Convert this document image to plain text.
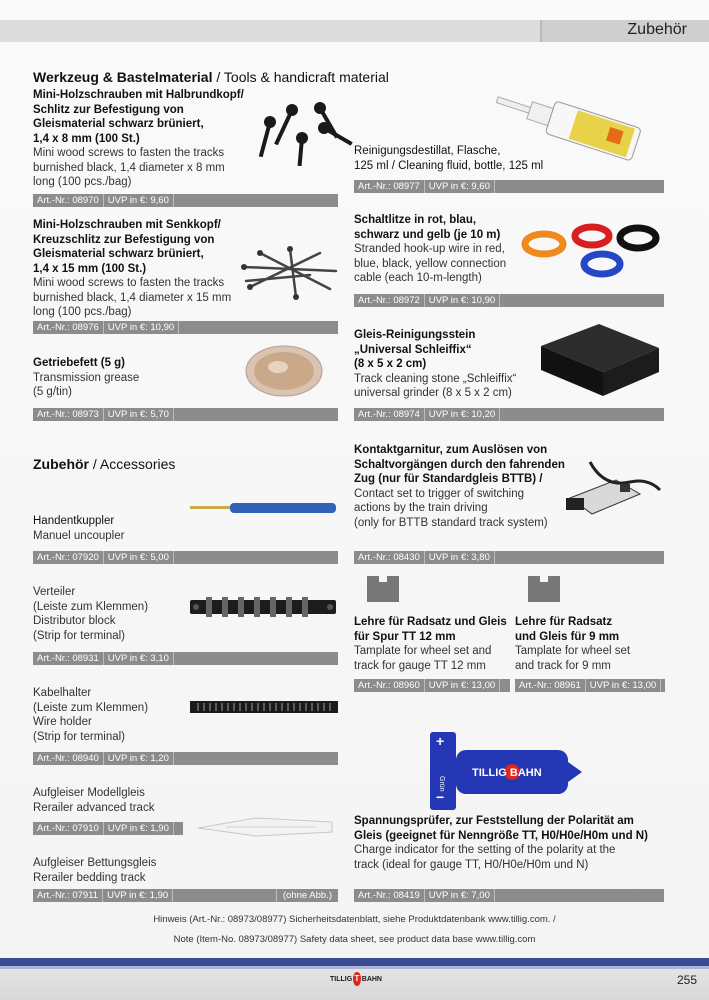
Zubehör
Werkzeug & Bastelmaterial / Tools & handicraft material
Mini-Holzschrauben mit Halbrundkopf/
Schlitz zur Befestigung von
Gleismaterial schwarz brüniert,
1,4 x 8 mm (100 St.)
Mini wood screws to fasten the tracks
burnished black, 1,4 diameter x 8 mm
long (100 pcs./bag)
Art.-Nr.: 08970 UVP in €: 9,60
Mini-Holzschrauben mit Senkkopf/
Kreuzschlitz zur Befestigung von
Gleismaterial schwarz brüniert,
1,4 x 15 mm (100 St.)
Mini wood screws to fasten the tracks
burnished black, 1,4 diameter x 15 mm
long (100 pcs./bag)
Art.-Nr.: 08976 UVP in €: 10,90
Getriebefett (5 g)
Transmission grease
(5 g/tin)
Art.-Nr.: 08973 UVP in €: 5,70
Reinigungsdestillat, Flasche,
125 ml / Cleaning fluid, bottle, 125 ml
Art.-Nr.: 08977 UVP in €: 9,60
Schaltlitze in rot, blau,
schwarz und gelb (je 10 m)
Stranded hook-up wire in red,
blue, black, yellow connection
cable (each 10-m-length)
Art.-Nr.: 08972 UVP in €: 10,90
Gleis-Reinigungsstein
„Universal Schleiffix“
(8 x 5 x 2 cm)
Track cleaning stone „Schleiffix“
universal grinder (8 x 5 x 2 cm)
Art.-Nr.: 08974 UVP in €: 10,20
Zubehör / Accessories
Kontaktgarnitur, zum Auslösen von
Schaltvorgängen durch den fahrenden
Zug (nur für Standardgleis BTTB) /
Contact set to trigger of switching
actions by the train driving
(only for BTTB standard track system)
Art.-Nr.: 08430 UVP in €: 3,80
Handentkuppler
Manuel uncoupler
Art.-Nr.: 07920 UVP in €: 5,00
Verteiler
(Leiste zum Klemmen)
Distributor block
(Strip for terminal)
Art.-Nr.: 08931 UVP in €: 3,10
Lehre für Radsatz und Gleis
für Spur TT 12 mm
Tamplate for wheel set and
track for gauge TT 12 mm
Lehre für Radsatz
und Gleis für 9 mm
Tamplate for wheel set
and track for 9 mm
Art.-Nr.: 08960 UVP in €: 13,00	Art.-Nr.: 08961 UVP in €: 13,00
Kabelhalter
(Leiste zum Klemmen)
Wire holder
(Strip for terminal)
Art.-Nr.: 08940 UVP in €: 1,20
+
−
Grün
TILLIG BAHN
Spannungsprüfer, zur Feststellung der Polarität am
Gleis (geeignet für Nenngröße TT, H0/H0e/H0m und N)
Charge indicator for the setting of the polarity at the
track (ideal for gauge TT, H0/H0e/H0m und N)
Art.-Nr.: 08419 UVP in €: 7,00
Aufgleiser Modellgleis
Rerailer advanced track
Art.-Nr.: 07910 UVP in €: 1,90
Aufgleiser Bettungsgleis
Rerailer bedding track
Art.-Nr.: 07911 UVP in €: 1,90	(ohne Abb.)
Hinweis (Art.-Nr.: 08973/08977) Sicherheitsdatenblatt, siehe Produktdatenbank www.tillig.com. /
Note (Item-No. 08973/08977) Safety data sheet, see product data base www.tillig.com
TILLIG T BAHN	255
